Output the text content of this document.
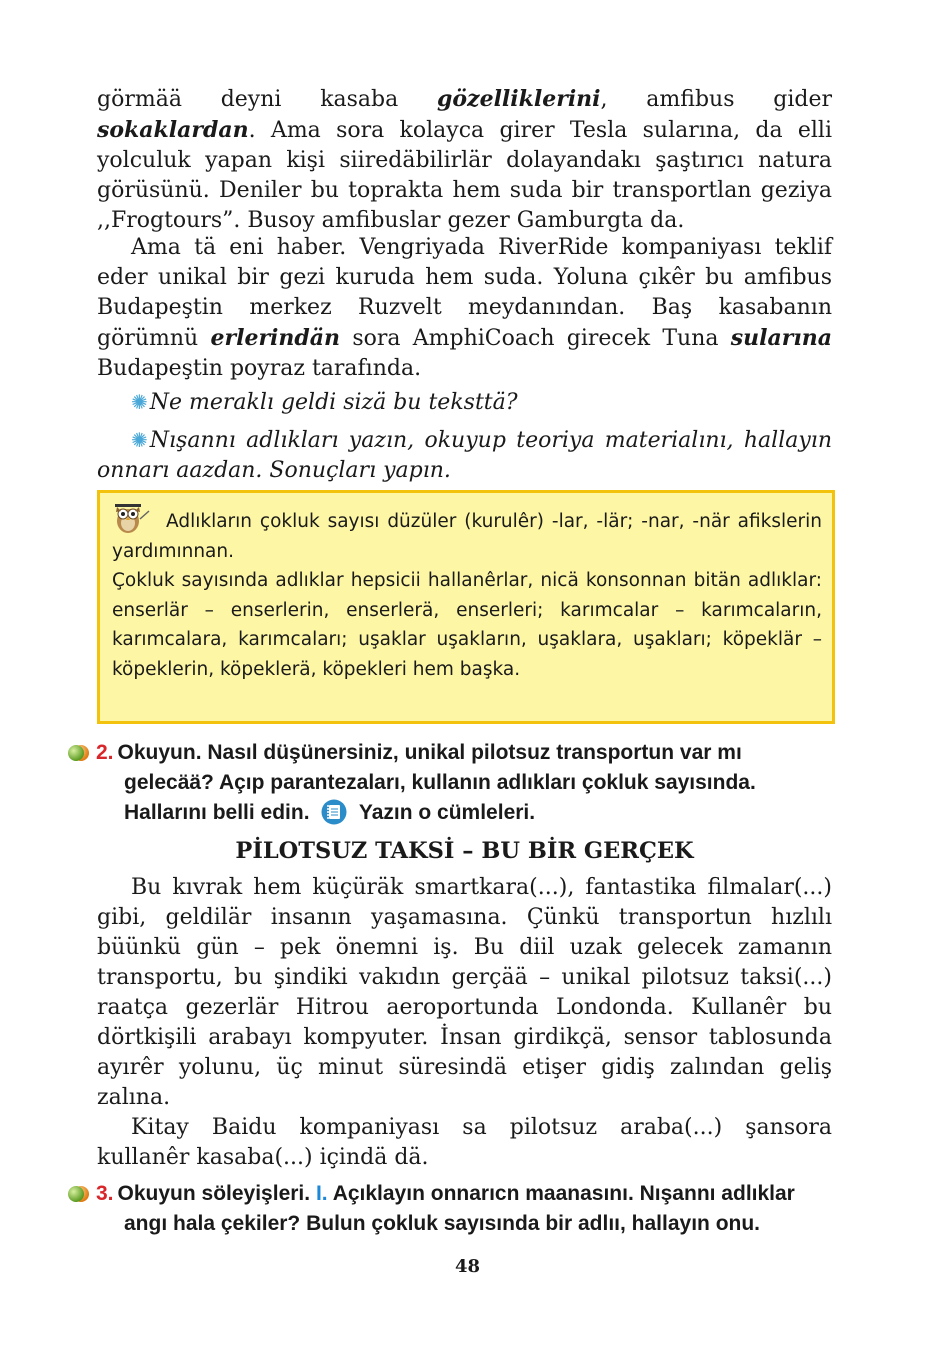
görmää deyni kasaba gözelliklerini, amfibus gider sokaklardan. Ama sora kolayca girer Tesla sularına, da elli yolculuk yapan kişi siiredäbilirlär dolayandakı şaştırıcı natura görüsünü. Deniler bu toprakta hem suda bir transportlan geziya ,,Frogtours”. Busoy amfibuslar gezer Gamburgta da.

Ama tä eni haber. Vengriyada RiverRide kompaniyası teklif eder unikal bir gezi kuruda hem suda. Yoluna çıkêr bu amfibus Budapeştin merkez Ruzvelt meydanından. Baş kasabanın görümnü erlerindän sora AmphiCoach girecek Tuna sularına Budapeştin poyraz tarafında.

✺Ne meraklı geldi sizä bu teksttä?
✺Nışannı adlıkları yazın, okuyup teoriya materialını, hallayın onnarı aazdan. Sonuçları yapın.
Adlıkların çokluk sayısı düzüler (kurulêr) -lar, -lär; -nar, -när afikslerin yardımınnan.
Çokluk sayısında adlıklar hepsicii hallanêrlar, nicä konsonnan bitän adlıklar: enserlär – enserlerin, enserlerä, enserleri; karımcalar – karımcaların, karımcalara, karımcaları; uşaklar uşakların, uşaklara, uşakları; köpeklär – köpeklerin, köpeklerä, köpekleri hem başka.
2. Okuyun. Nasıl düşünersiniz, unikal pilotsuz transportun var mı
gelecää? Açıp parantezaları, kullanın adlıkları çokluk sayısında.
Hallarını belli edin. Yazın o cümleleri.
PİLOTSUZ TAKSİ – BU BİR GERÇEK

Bu kıvrak hem küçüräk smartkara(...), fantastika filmalar(...) gibi, geldilär insanın yaşamasına. Çünkü transportun hızlılı büünkü gün – pek önemni iş. Bu diil uzak gelecek zamanın transportu, bu şindiki vakıdın gerçää – unikal pilotsuz taksi(...) raatça gezerlär Hitrou aeroportunda Londonda. Kullanêr bu dörtkişili arabayı kompyuter. İnsan girdikçä, sensor tablosunda ayırêr yolunu, üç minut süresindä etişer gidiş zalından geliş zalına.

Kitay Baidu kompaniyası sa pilotsuz araba(...) şansora kullanêr kasaba(...) içindä dä.

3. Okuyun söleyişleri. I. Açıklayın onnarıcn maanasını. Nışannı adlıklar
angı hala çekiler? Bulun çokluk sayısında bir adlıı, hallayın onu.
48
